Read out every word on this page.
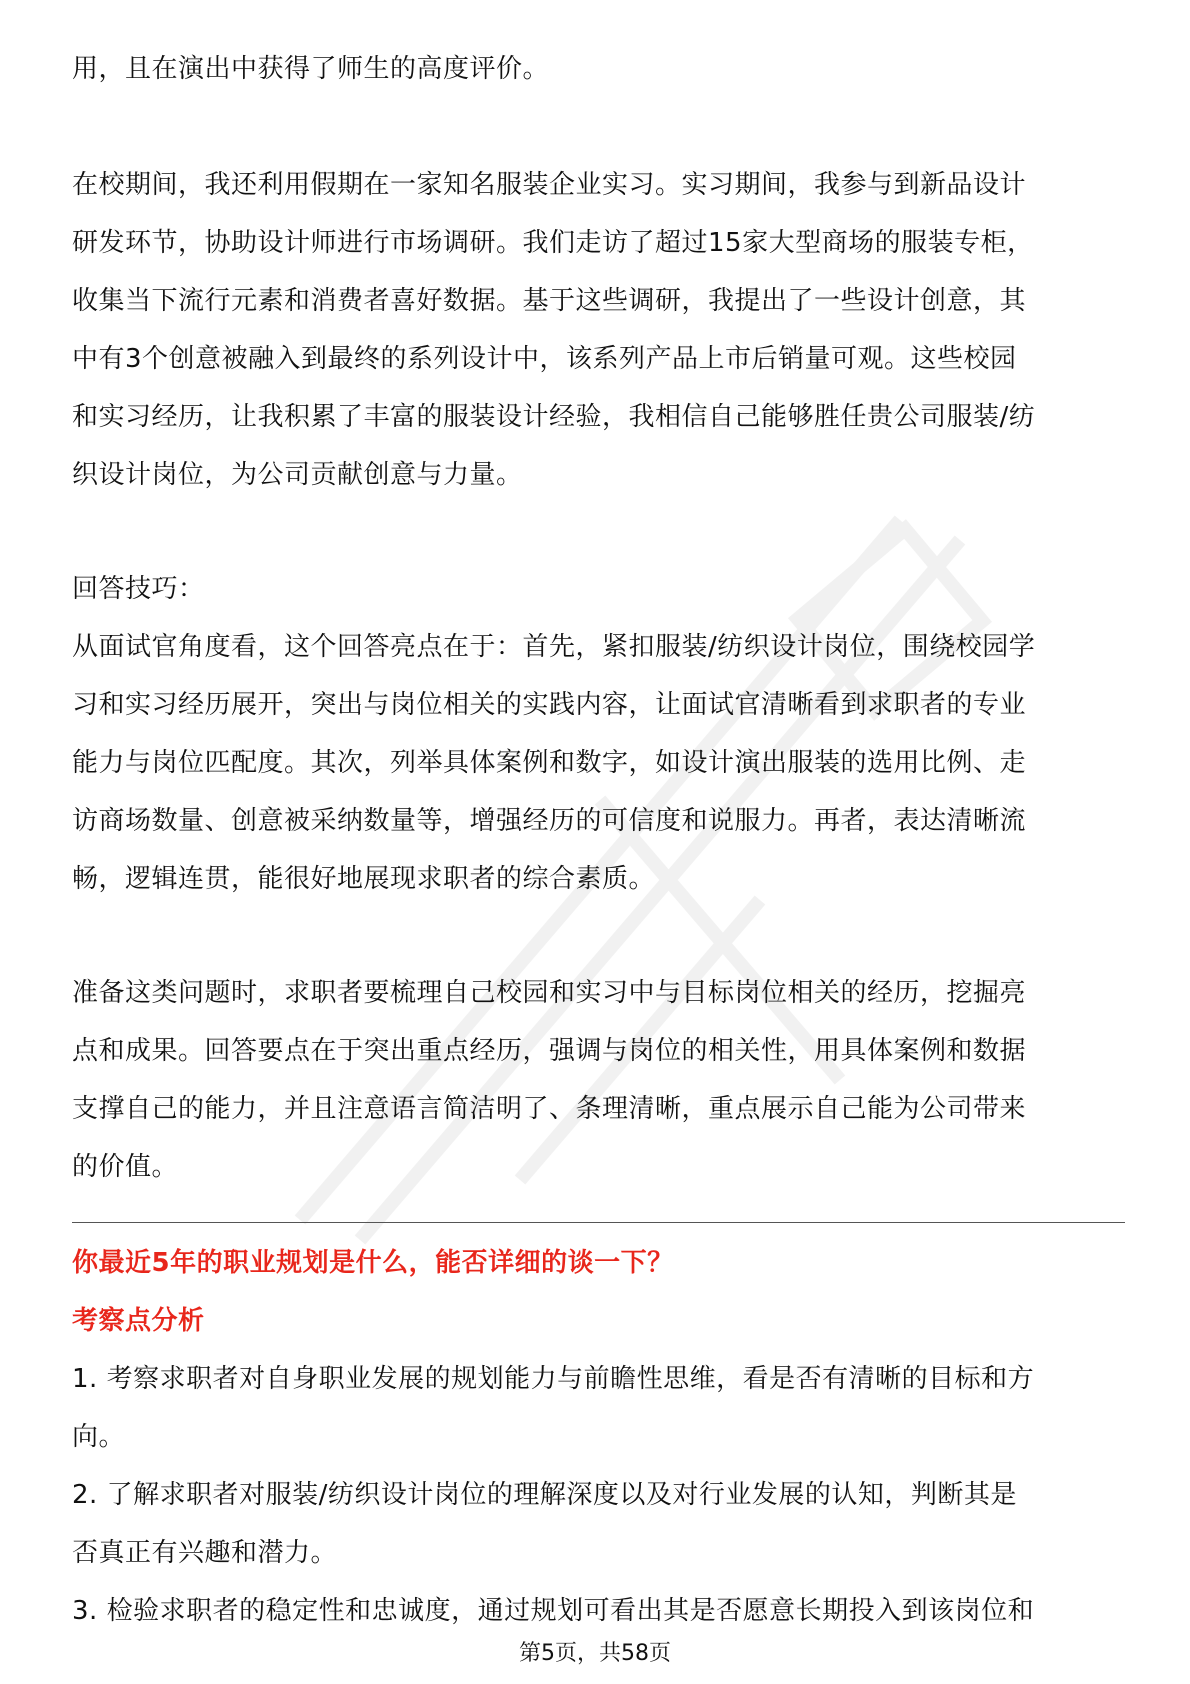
用，且在演出中获得了师生的高度评价。
在校期间，我还利用假期在一家知名服装企业实习。实习期间，我参与到新品设计
研发环节，协助设计师进行市场调研。我们走访了超过15家大型商场的服装专柜，
收集当下流行元素和消费者喜好数据。基于这些调研，我提出了一些设计创意，其
中有3个创意被融入到最终的系列设计中，该系列产品上市后销量可观。这些校园
和实习经历，让我积累了丰富的服装设计经验，我相信自己能够胜任贵公司服装/纺
织设计岗位，为公司贡献创意与力量。
回答技巧：
从面试官角度看，这个回答亮点在于：首先，紧扣服装/纺织设计岗位，围绕校园学
习和实习经历展开，突出与岗位相关的实践内容，让面试官清晰看到求职者的专业
能力与岗位匹配度。其次，列举具体案例和数字，如设计演出服装的选用比例、走
访商场数量、创意被采纳数量等，增强经历的可信度和说服力。再者，表达清晰流
畅，逻辑连贯，能很好地展现求职者的综合素质。
准备这类问题时，求职者要梳理自己校园和实习中与目标岗位相关的经历，挖掘亮
点和成果。回答要点在于突出重点经历，强调与岗位的相关性，用具体案例和数据
支撑自己的能力，并且注意语言简洁明了、条理清晰，重点展示自己能为公司带来
的价值。
你最近5年的职业规划是什么，能否详细的谈一下？
考察点分析
1. 考察求职者对自身职业发展的规划能力与前瞻性思维，看是否有清晰的目标和方
向。
2. 了解求职者对服装/纺织设计岗位的理解深度以及对行业发展的认知，判断其是
否真正有兴趣和潜力。
3. 检验求职者的稳定性和忠诚度，通过规划可看出其是否愿意长期投入到该岗位和
第5页，共58页
